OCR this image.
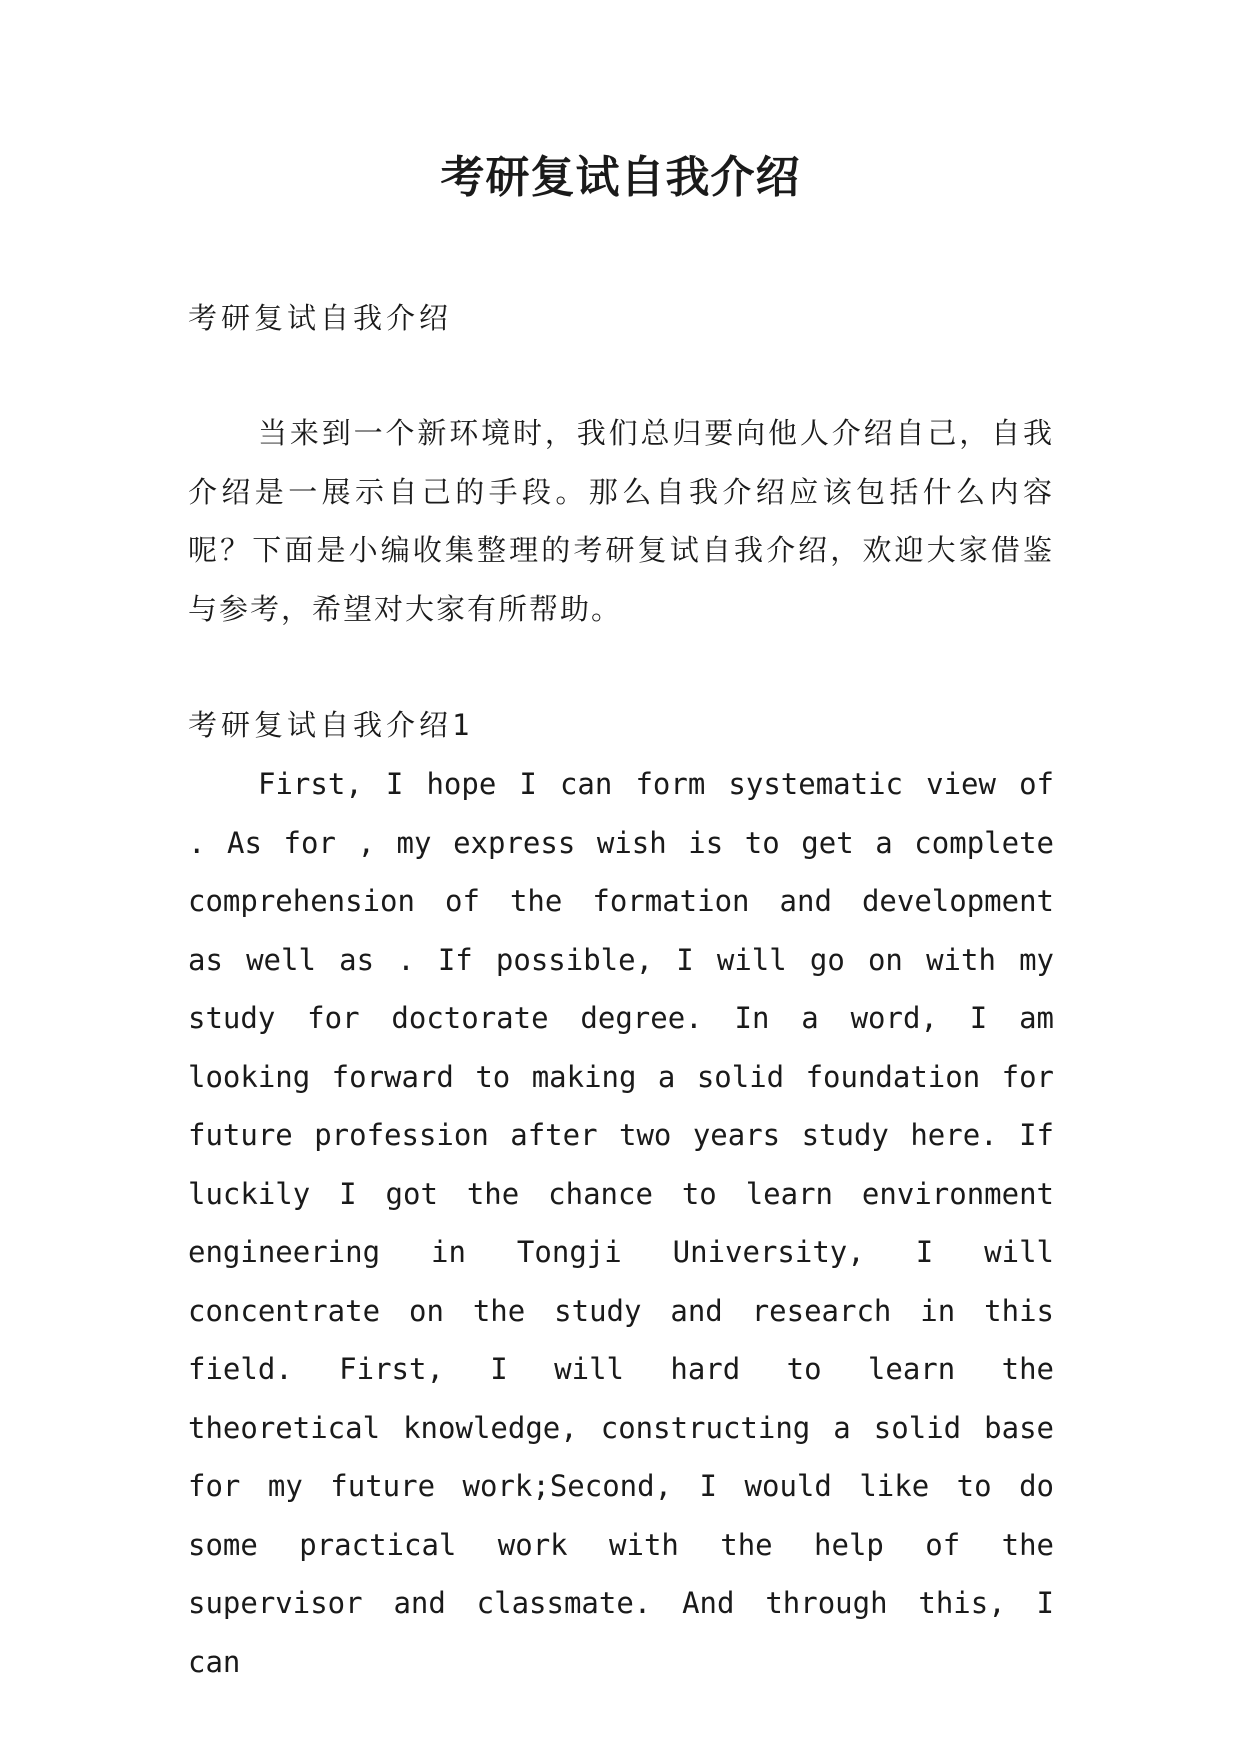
考研复试自我介绍

考研复试自我介绍

当来到一个新环境时，我们总归要向他人介绍自己，自我介绍是一展示自己的手段。那么自我介绍应该包括什么内容呢？下面是小编收集整理的考研复试自我介绍，欢迎大家借鉴与参考，希望对大家有所帮助。

考研复试自我介绍1

First, I hope I can form systematic view of . As for , my express wish is to get a complete comprehension of the formation and development as well as . If possible, I will go on with my study for doctorate degree. In a word, I am looking forward to making a solid foundation for future profession after two years study here. If luckily I got the chance to learn environment engineering in Tongji University, I will concentrate on the study and research in this field. First, I will hard to learn the theoretical knowledge, constructing a solid base for my future work;Second, I would like to do some practical work with the help of the supervisor and classmate. And through this, I can
